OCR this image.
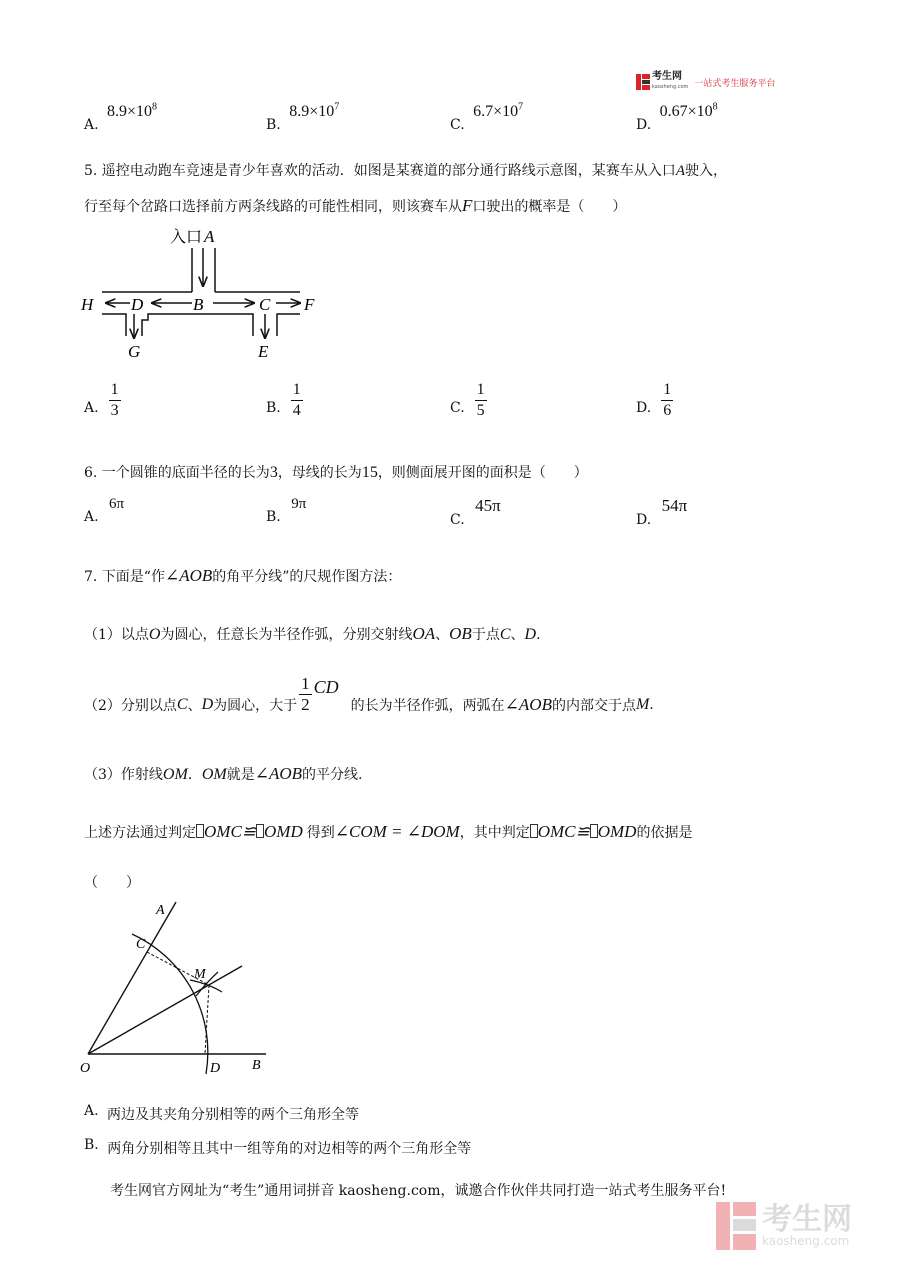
考生网
kaosheng.com 一站式考生服务平台
A. $8.9\times 10^8$
B. $8.9\times 10^7$
C. $6.7\times 10^7$
D. $0.67\times 10^8$
5. 遥控电动跑车竞速是青少年喜欢的活动．如图是某赛道的部分通行路线示意图，某赛车从入口A驶入，
行至每个岔路口选择前方两条线路的可能性相同，则该赛车从F口驶出的概率是（　　）
入口 A
H D	B	C F
G	E
A. $\frac{1}{3}$	B. $\frac{1}{4}$	C. $\frac{1}{5}$	D. $\frac{1}{6}$
6. 一个圆锥的底面半径的长为3，母线的长为15，则侧面展开图的面积是（　　）
A. 6π
B. 9π
C. 45π
D. 54π
7. 下面是“作∠AOB的角平分线”的尺规作图方法：
（1）以点O为圆心，任意长为半径作弧，分别交射线OA、OB于点C、D.
（2）分别以点 C 、 D 为圆心，大于 $\frac{1}{2}$ CD
的长为半径作弧，两弧在 ∠AOB 的内部交于点 M .
（3）作射线OM．OM就是∠AOB的平分线.
上述方法通过判定 OMC≌ OMD 得到∠COM = ∠DOM，其中判定 OMC≌ OMD的依据是
（　　）
A
C
M
O	D B
A. 两边及其夹角分别相等的两个三角形全等
B. 两角分别相等且其中一组等角的对边相等的两个三角形全等
考生网官方网址为“考生”通用词拼音 kaosheng.com，诚邀合作伙伴共同打造一站式考生服务平台!
考生网
kaosheng.com
